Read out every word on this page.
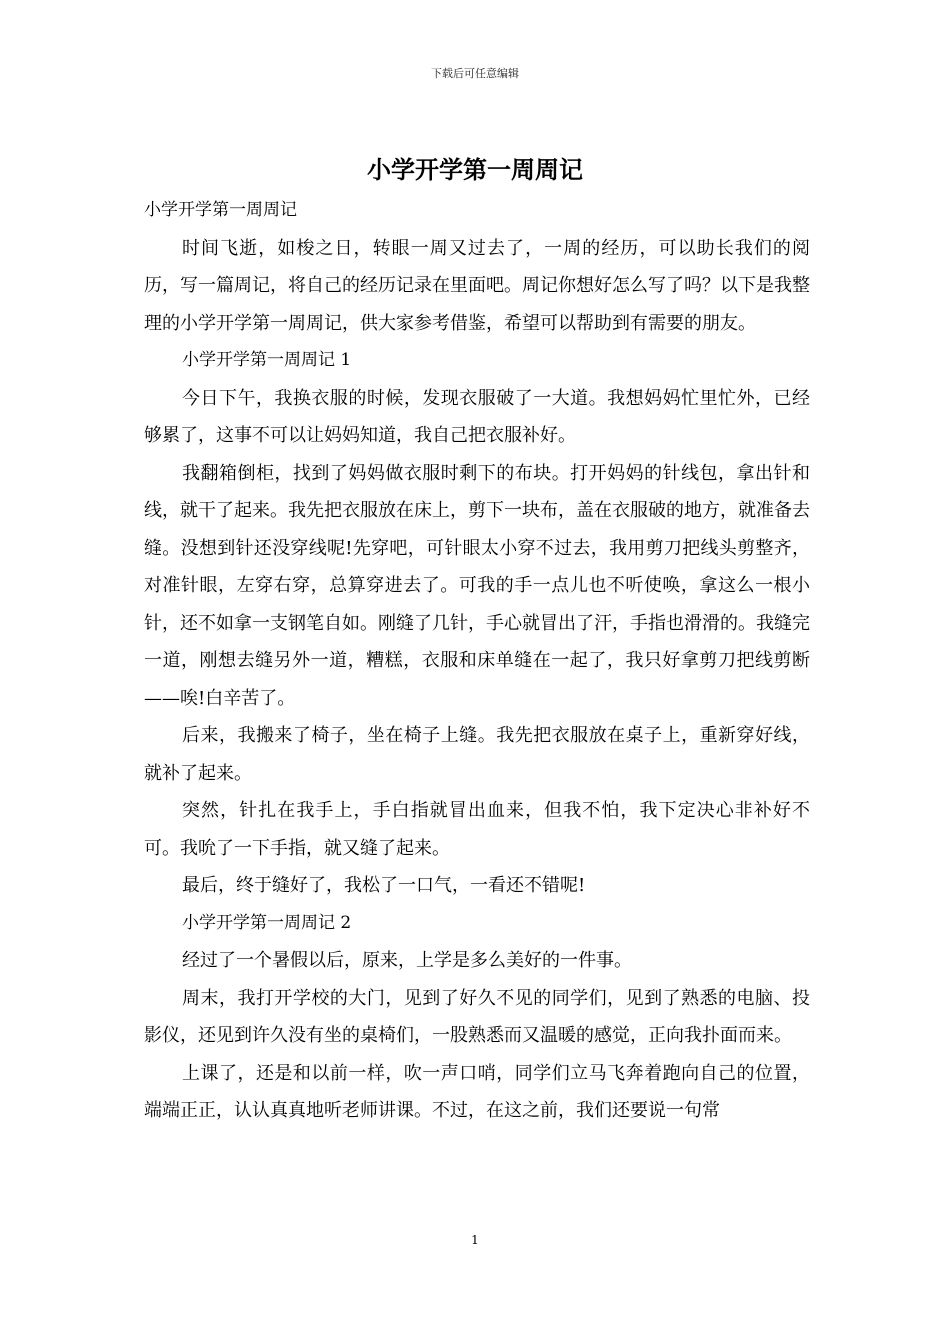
下载后可任意编辑
小学开学第一周周记

小学开学第一周周记

时间飞逝，如梭之日，转眼一周又过去了，一周的经历，可以助长我们的阅历，写一篇周记，将自己的经历记录在里面吧。周记你想好怎么写了吗？以下是我整理的小学开学第一周周记，供大家参考借鉴，希望可以帮助到有需要的朋友。

小学开学第一周周记 1

今日下午，我换衣服的时候，发现衣服破了一大道。我想妈妈忙里忙外，已经够累了，这事不可以让妈妈知道，我自己把衣服补好。

我翻箱倒柜，找到了妈妈做衣服时剩下的布块。打开妈妈的针线包，拿出针和线，就干了起来。我先把衣服放在床上，剪下一块布，盖在衣服破的地方，就准备去缝。没想到针还没穿线呢!先穿吧，可针眼太小穿不过去，我用剪刀把线头剪整齐，对准针眼，左穿右穿，总算穿进去了。可我的手一点儿也不听使唤，拿这么一根小针，还不如拿一支钢笔自如。刚缝了几针，手心就冒出了汗，手指也滑滑的。我缝完一道，刚想去缝另外一道，糟糕，衣服和床单缝在一起了，我只好拿剪刀把线剪断——唉!白辛苦了。

后来，我搬来了椅子，坐在椅子上缝。我先把衣服放在桌子上，重新穿好线，就补了起来。

突然，针扎在我手上，手白指就冒出血来，但我不怕，我下定决心非补好不可。我吮了一下手指，就又缝了起来。

最后，终于缝好了，我松了一口气，一看还不错呢!

小学开学第一周周记 2

经过了一个暑假以后，原来，上学是多么美好的一件事。

周末，我打开学校的大门，见到了好久不见的同学们，见到了熟悉的电脑、投影仪，还见到许久没有坐的桌椅们，一股熟悉而又温暖的感觉，正向我扑面而来。

上课了，还是和以前一样，吹一声口哨，同学们立马飞奔着跑向自己的位置，端端正正，认认真真地听老师讲课。不过，在这之前，我们还要说一句常

1
